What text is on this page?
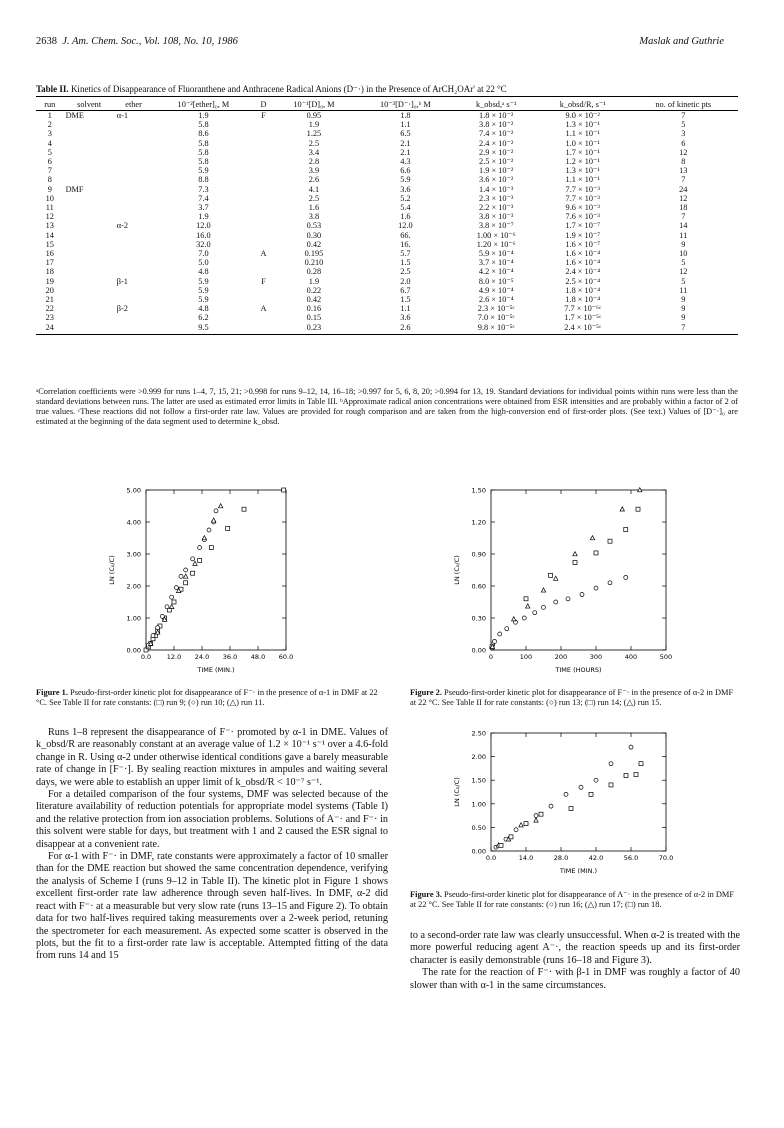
2638 J. Am. Chem. Soc., Vol. 108, No. 10, 1986	Maslak and Guthrie
Table II. Kinetics of Disappearance of Fluoranthene and Anthracene Radical Anions (D⁻·) in the Presence of ArCH₂OAr' at 22 °C
run	solvent	ether	10⁻²[ether]₀, M	D	10⁻¹[D]₀, M	10⁻³[D⁻·]₀,ᵇ M	k_obsd,ᵃ s⁻¹	k_obsd/R, s⁻¹	no. of kinetic pts
1	DME	α-1	1.9	F	0.95	1.8	1.8 × 10⁻²	9.0 × 10⁻²	7
2			5.8		1.9	1.1	3.8 × 10⁻²	1.3 × 10⁻¹	5
3			8.6		1.25	6.5	7.4 × 10⁻²	1.1 × 10⁻¹	3
4			5.8		2.5	2.1	2.4 × 10⁻²	1.0 × 10⁻¹	6
5			5.8		3.4	2.1	2.9 × 10⁻²	1.7 × 10⁻¹	12
6			5.8		2.8	4.3	2.5 × 10⁻²	1.2 × 10⁻¹	8
7			5.9		3.9	6.6	1.9 × 10⁻²	1.3 × 10⁻¹	13
8			8.8		2.6	5.9	3.6 × 10⁻²	1.1 × 10⁻¹	7
9	DMF		7.3		4.1	3.6	1.4 × 10⁻³	7.7 × 10⁻³	24
10			7.4		2.5	5.2	2.3 × 10⁻³	7.7 × 10⁻³	12
11			3.7		1.6	5.4	2.2 × 10⁻³	9.6 × 10⁻³	18
12			1.9		3.8	1.6	3.8 × 10⁻³	7.6 × 10⁻³	7
13		α-2	12.0		0.53	12.0	3.8 × 10⁻⁷	1.7 × 10⁻⁷	14
14			16.0		0.30	66.	1.00 × 10⁻⁶	1.9 × 10⁻⁷	11
15			32.0		0.42	16.	1.20 × 10⁻⁶	1.6 × 10⁻⁷	9
16			7.0	A	0.195	5.7	5.9 × 10⁻⁴	1.6 × 10⁻⁴	10
17			5.0		0.210	1.5	3.7 × 10⁻⁴	1.6 × 10⁻⁴	5
18			4.8		0.28	2.5	4.2 × 10⁻⁴	2.4 × 10⁻⁴	12
19		β-1	5.9	F	1.9	2.0	8.0 × 10⁻⁵	2.5 × 10⁻⁴	5
20			5.9		0.22	6.7	4.9 × 10⁻⁴	1.8 × 10⁻⁴	11
21			5.9		0.42	1.5	2.6 × 10⁻⁴	1.8 × 10⁻⁴	9
22		β-2	4.8	A	0.16	1.1	2.3 × 10⁻⁵ᶜ	7.7 × 10⁻⁶ᶜ	9
23			6.2		0.15	3.6	7.0 × 10⁻⁵ᶜ	1.7 × 10⁻⁵ᶜ	9
24			9.5		0.23	2.6	9.8 × 10⁻⁵ᶜ	2.4 × 10⁻⁵ᶜ	7
ᵃCorrelation coefficients were >0.999 for runs 1–4, 7, 15, 21; >0.998 for runs 9–12, 14, 16–18; >0.997 for 5, 6, 8, 20; >0.994 for 13, 19. Standard deviations for individual points within runs were less than the standard deviations between runs. The latter are used as estimated error limits in Table III. ᵇApproximate radical anion concentrations were obtained from ESR intensities and are probably within a factor of 2 of true values. ᶜThese reactions did not follow a first-order rate law. Values are provided for rough comparison and are taken from the high-conversion end of first-order plots. (See text.) Values of [D⁻·]₀ are estimated at the beginning of the data segment used to determine k_obsd.
0.0 12.0 24.0 36.0 48.0 60.0
0.00
1.00
2.00
3.00
4.00
5.00
TIME (MIN.)
LN (C₀/C)
Figure 1. Pseudo-first-order kinetic plot for disappearance of F⁻· in the presence of α-1 in DMF at 22 °C. See Table II for rate constants: (□) run 9; (○) run 10; (△) run 11.
0	100	200	300	400	500
0.00
0.30
0.60
0.90
1.20
1.50
TIME (HOURS)
LN (C₀/C)
Figure 2. Pseudo-first-order kinetic plot for disappearance of F⁻· in the presence of α-2 in DMF at 22 °C. See Table II for rate constants: (○) run 13; (□) run 14; (△) run 15.
0.0	14.0	28.0	42.0	56.0	70.0
0.00
0.50
1.00
1.50
2.00
2.50
TIME (MIN.)
LN (C₀/C)
Figure 3. Pseudo-first-order kinetic plot for disappearance of A⁻· in the presence of α-2 in DMF at 22 °C. See Table II for rate constants: (○) run 16; (△) run 17; (□) run 18.

Runs 1–8 represent the disappearance of F⁻· promoted by α-1 in DME. Values of k_obsd/R are reasonably constant at an average value of 1.2 × 10⁻¹ s⁻¹ over a 4.6-fold change in R. Using α-2 under otherwise identical conditions gave a barely measurable rate of change in [F⁻·]. By sealing reaction mixtures in ampules and waiting several days, we were able to establish an upper limit of k_obsd/R < 10⁻⁷ s⁻¹.

For a detailed comparison of the four systems, DMF was selected because of the literature availability of reduction potentials for appropriate model systems (Table I) and the relative protection from ion association problems. Solutions of A⁻· and F⁻· in this solvent were stable for days, but treatment with 1 and 2 caused the ESR signal to disappear at a convenient rate.

For α-1 with F⁻· in DMF, rate constants were approximately a factor of 10 smaller than for the DME reaction but showed the same concentration dependence, verifying the analysis of Scheme I (runs 9–12 in Table II). The kinetic plot in Figure 1 shows excellent first-order rate law adherence through seven half-lives. In DMF, α-2 did react with F⁻· at a measurable but very slow rate (runs 13–15 and Figure 2). To obtain data for two half-lives required taking measurements over a 2-week period, retuning the spectrometer for each measurement. As expected some scatter is observed in the plots, but the fit to a first-order rate law is acceptable. Attempted fitting of the data from runs 14 and 15

to a second-order rate law was clearly unsuccessful. When α-2 is treated with the more powerful reducing agent A⁻·, the reaction speeds up and its first-order character is easily demonstrable (runs 16–18 and Figure 3).

The rate for the reaction of F⁻· with β-1 in DMF was roughly a factor of 40 slower than with α-1 in the same circumstances.
